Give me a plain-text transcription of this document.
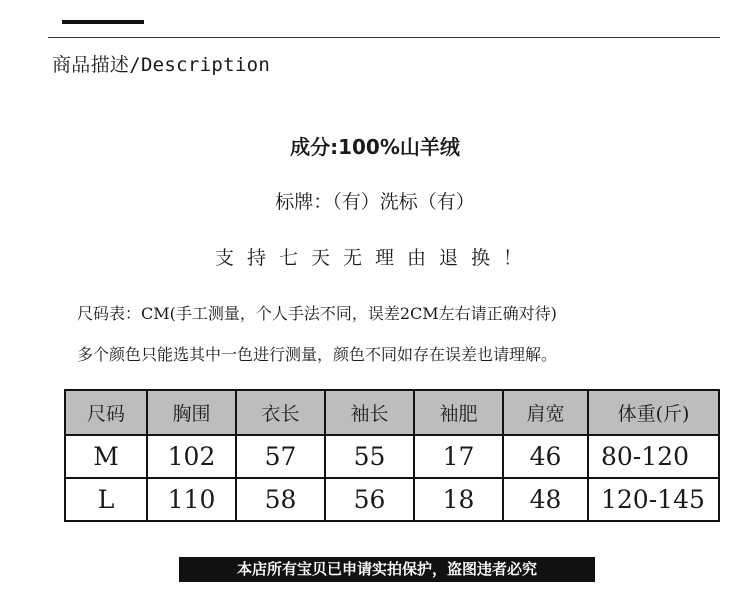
商品描述/Description
成分:100%山羊绒
标牌：（有）洗标（有）
支持七天无理由退换！
尺码表：CM(手工测量，个人手法不同，误差2CM左右请正确对待)
多个颜色只能选其中一色进行测量，颜色不同如存在误差也请理解。
尺码	胸围	衣长	袖长	袖肥	肩宽	体重(斤)
M	102	57	55	17	46	80-120
L	110	58	56	18	48	120-145
本店所有宝贝已申请实拍保护，盗图违者必究
